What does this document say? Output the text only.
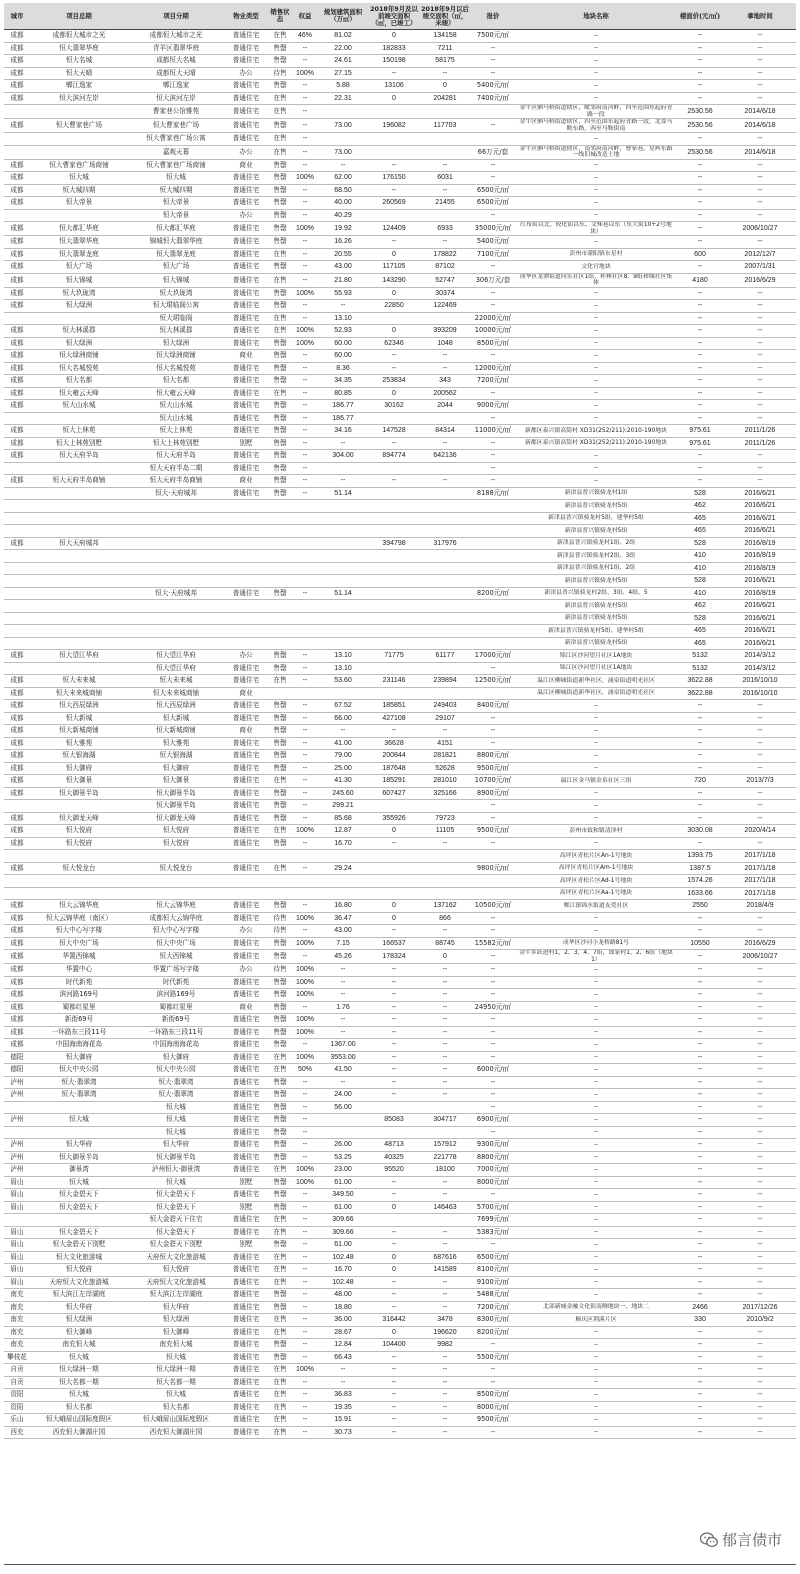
城市	项目总期	项目分期	物业类型	销售状态	权益	规划建筑面积（万㎡）	2018年9月及以前竣交面积（㎡，已竣工）	2018年9月以后竣交面积（㎡，未竣）	报价	地块名称	楼面价(元/㎡)	拿地时间
成都	成都恒大城市之光	成都恒大城市之光	普通住宅	在售	46%	81.02	0	134158	7500元/㎡	--	--	--
成都	恒大翡翠华庭	青羊区翡翠华庭	普通住宅	售罄	--	22.00	182833	7211	--	--	--	--
成都	恒大名城	成都恒大名城	普通住宅	售罄	--	24.61	150198	58175	--	--	--	--
成都	恒大天晴	成都恒大天晴	办公	待售	100%	27.15	--	--	--	--	--	--
成都	郫江逸家	郫江逸家	普通住宅	售罄	--	5.88	13106	0	5400元/㎡	--	--	--
成都	恒大滨河左岸	恒大滨河左岸	普通住宅	在售	--	22.31	0	204281	7400元/㎡	--	--	--
		曹家巷公馆雅苑	普通住宅	在售	--					金牛区驷马桥街道辖区，毗邻府南河畔，四至范围东起府青路一段	2530.56	2014/6/18
成都	恒大曹家巷广场	恒大曹家巷广场	普通住宅	售罄	--	73.00	196082	117703	--	金牛区驷马桥街道辖区，四至范围东起府青路一段，北靠马鞍东路，西至马鞍街南	2530.56	2014/6/18
		恒大曹家巷广场公寓	普通住宅	在售	--					--	--	--
		嘉观天幕	办公	在售	--	73.00			66万元/套	金牛区驷马桥街道辖区，南邻府南河畔，曹家巷、星辉东路一线旧城改造土地	2530.56	2014/6/18
成都	恒大曹家巷广场商铺	恒大曹家巷广场商铺	商业	售罄	--	--	--	--	--	--	--	--
成都	恒大城	恒大城	普通住宅	售罄	100%	62.00	176150	6031	--	--	--	--
成都	恒大城四期	恒大城四期	普通住宅	售罄	--	68.50	--	--	6500元/㎡	--	--	--
成都	恒大帝景	恒大帝景	普通住宅	售罄	--	40.00	260569	21455	6500元/㎡	--	--	--
		恒大帝景	办公	售罄	--	40.29			--	--	--	--
成都	恒大都汇华庭	恒大都汇华庭	普通住宅	售罄	100%	19.92	124409	6933	35000元/㎡	红布街以北、较化街以东、文殊巷以东（东大街10+2号地块）	--	2006/10/27
成都	恒大翡翠华庭	锦城恒大翡翠华庭	普通住宅	售罄	--	16.26	--	--	5400元/㎡	--	--	--
成都	恒大翡翠龙庭	恒大翡翠龙庭	普通住宅	在售	--	20.55	0	178822	7100元/㎡	彭州市濛阳镇东星村	600	2012/12/7
成都	恒大广场	恒大广场	普通住宅	售罄	--	43.00	117105	87102	--	文化宫地块	--	2007/1/31
成都	恒大锦城	恒大锦城	普通住宅	在售	--	21.80	143290	52747	306万元/套	成华区龙潭街道同乐社区1组，桂林社区8、9组和城社区集体	4180	2016/6/29
成都	恒大玖珑湾	恒大玖珑湾	普通住宅	售罄	100%	55.93	0	30374	--	--	--	--
成都	恒大绿洲	恒大珺临阁公寓	普通住宅	售罄	--	--	22850	122469	--	--	--	--
		恒大珺临阁	普通住宅	在售	--	13.10			22000元/㎡	--	--	--
成都	恒大林溪郡	恒大林溪郡	普通住宅	在售	100%	52.93	0	393209	10000元/㎡	--	--	--
成都	恒大绿洲	恒大绿洲	普通住宅	售罄	100%	60.00	62346	1048	8500元/㎡	--	--	--
成都	恒大绿洲商铺	恒大绿洲商铺	商业	售罄	--	60.00	--	--	--	--	--	--
成都	恒大名城悦苑	恒大名城悦苑	普通住宅	售罄	--	8.36	--	--	12000元/㎡	--	--	--
成都	恒大名都	恒大名都	普通住宅	售罄	--	34.35	253834	343	7200元/㎡	--	--	--
成都	恒大雍云天峰	恒大雍云天峰	普通住宅	在售	--	80.85	0	200562	--	--	--	--
成都	恒大山水城	恒大山水城	普通住宅	售罄	--	186.77	30162	2044	9000元/㎡	--	--	--
		恒大山水城	普通住宅	售罄	--	186.77			--	--	--	--
成都	恒大上林苑	恒大上林苑	普通住宅	售罄	--	34.16	147528	84314	11000元/㎡	新都区泰兴镇高筒村 XD31(252/211):2010-190地块	975.61	2011/1/26
成都	恒大上林苑别墅	恒大上林苑别墅	别墅	售罄	--	--	--	--	--	新都区泰兴镇高筒村 XD31(252/211):2010-190地块	975.61	2011/1/26
成都	恒大天府半岛	恒大天府半岛	普通住宅	售罄	--	304.00	894774	642136	--	--	--	--
		恒大天府半岛二期	普通住宅	售罄	--				--	--	--	--
成都	恒大天府半岛商铺	恒大天府半岛商铺	商业	售罄	--	--	--	--	--	--	--	--
		恒大·天府城邦	普通住宅	售罄	--	51.14			8188元/㎡	新津县普兴镇骑龙村1组	528	2016/6/21
										新津县普兴镇骑龙村5组	462	2016/6/21
										新津县普兴镇骑龙村5组、建华村5组	465	2016/6/21
										新津县普兴镇骑龙村5组	465	2016/6/21
成都	恒大天府城邦						394798	317976		新津县普兴镇骑龙村1组、2组	528	2016/8/19
										新津县普兴镇骑龙村2组、3组	410	2016/8/19
										新津县普兴镇骑龙村1组、2组	410	2016/8/19
										新津县普兴镇骑龙村5组	528	2016/6/21
		恒大·天府城邦	普通住宅	售罄	--	51.14			8200元/㎡	新津县普兴镇骑龙村2组、3组、4组、5	410	2016/8/19
										新津县普兴镇骑龙村5组	462	2016/6/21
										新津县普兴镇骑龙村5组	528	2016/6/21
										新津县普兴镇骑龙村5组、建华村5组	465	2016/6/21
										新津县普兴镇骑龙村5组	465	2016/6/21
成都	恒大望江华府	恒大望江华府	办公	售罄	--	13.10	71775	61177	17000元/㎡	锦江区沙河望月社区1A地块	5132	2014/3/12
		恒大望江华府	普通住宅	售罄	--	13.10			--	锦江区沙河望月社区1A地块	5132	2014/3/12
成都	恒大未来城	恒大未来城	普通住宅	在售	--	53.60	231146	239894	12500元/㎡	温江区柳城街道新华社区，涌泉街道明光社区	3622.88	2016/10/10
成都	恒大未来城商铺	恒大未来城商铺	商业							温江区柳城街道新华社区，涌泉街道明光社区	3622.88	2016/10/10
成都	恒大西辰绿洲	恒大西辰绿洲	普通住宅	售罄	--	67.52	185851	249403	8400元/㎡	--	--	--
成都	恒大新城	恒大新城	普通住宅	售罄	--	66.00	427108	29107	--	--	--	--
成都	恒大新城商铺	恒大新城商铺	商业	售罄	--	--	--	--	--	--	--	--
成都	恒大雅苑	恒大雅苑	普通住宅	售罄	--	41.00	36628	4151	--	--	--	--
成都	恒大银海湖	恒大银海湖	普通住宅	售罄	--	79.00	200844	281821	8800元/㎡	--	--	--
成都	恒大御府	恒大御府	普通住宅	售罄	--	25.00	187648	52628	9500元/㎡	--	--	--
成都	恒大御景	恒大御景	普通住宅	在售	--	41.30	185291	281010	10700元/㎡	温江区金马镇金泉社区三组	720	2013/7/3
成都	恒大御景半岛	恒大御景半岛	普通住宅	售罄	--	245.60	607427	325166	8900元/㎡	--	--	--
		恒大御景半岛	普通住宅	售罄	--	299.21			--	--	--	--
成都	恒大御龙天峰	恒大御龙天峰	普通住宅	售罄	--	85.68	355926	79723	--	--	--	--
成都	恒大悦府	恒大悦府	普通住宅	在售	100%	12.87	0	11105	9500元/㎡	彭州市致和镇清泽村	3030.08	2020/4/14
成都	恒大悦府	恒大悦府	普通住宅	售罄	--	16.70	--	--	--	--	--	--
										高坪区青松片区An-1号地块	1393.75	2017/1/18
成都	恒大悦龙台	恒大悦龙台	普通住宅	在售	--	29.24			9800元/㎡	高坪区青松片区Am-1号地块	1387.5	2017/1/18
										高坪区青松片区Ad-1号地块	1574.26	2017/1/18
										高坪区青松片区Aa-1号地块	1633.66	2017/1/18
成都	恒大云锦华庭	恒大云锦华庭	普通住宅	售罄	--	16.80	0	137162	10500元/㎡	郫江镇锦水街道友爱社区	2550	2018/4/9
成都	恒大云锦华庭（南区）	成都恒大云锦华庭	普通住宅	待售	100%	36.47	0	866	--	--	--	--
成都	恒大中心写字楼	恒大中心写字楼	办公	待售	--	43.00	--	--	--	--	--	--
成都	恒大中央广场	恒大中央广场	普通住宅	售罄	100%	7.15	166537	88745	15582元/㎡	成华区沙河小龙桥路81号	10550	2016/6/29
成都	华置西锦城	恒大西锦城	普通住宅	售罄	--	45.26	178324	0	--	金牛乡跃进村1、2、3、4、7组，郎家村1、2、6组（地块1）	--	2006/10/27
成都	华置中心	华置广场写字楼	办公	待售	100%	--	--	--	--	--	--	--
成都	时代新苑	时代新苑	普通住宅	售罄	100%	--	--	--	--	--	--	--
成都	滨河路169号	滨河路169号	普通住宅	售罄	100%	--	--	--	--	--	--	--
成都	蜀都红星里	蜀都红星里	商业	售罄	--	1.76	--	--	24950元/㎡	--	--	--
成都	新街69号	新街69号	普通住宅	售罄	100%	--	--	--	--	--	--	--
成都	一环路东三段11号	一环路东三段11号	普通住宅	售罄	100%	--	--	--	--	--	--	--
成都	中国海南海花岛	中国海南海花岛	普通住宅	售罄	--	1367.00	--	--	--	--	--	--
德阳	恒大御府	恒大御府	普通住宅	在售	100%	3553.00	--	--	--	--	--	--
德阳	恒大中央公园	恒大中央公园	普通住宅	在售	50%	41.50	--	--	6000元/㎡	--	--	--
泸州	恒大·翡翠湾	恒大·翡翠湾	普通住宅	售罄	--	--	--	--	--	--	--	--
泸州	恒大·翡翠湾	恒大·翡翠湾	普通住宅	售罄	--	24.00	--	--	--	--	--	--
		恒大城	普通住宅	售罄	--	56.00			--	--	--	--
泸州	恒大城	恒大城	普通住宅	售罄	--		85083	304717	6900元/㎡	--	--	--
		恒大城	普通住宅	售罄	--				--	--	--	--
泸州	恒大华府	恒大华府	普通住宅	售罄	--	26.00	48713	157912	9300元/㎡	--	--	--
泸州	恒大御景半岛	恒大御景半岛	普通住宅	售罄	--	53.25	40325	221778	8800元/㎡	--	--	--
泸州	御景湾	泸州恒大·御景湾	普通住宅	在售	100%	23.00	95520	18100	7000元/㎡	--	--	--
眉山	恒大城	恒大城	别墅	售罄	100%	61.00	--	--	8000元/㎡	--	--	--
眉山	恒大金碧天下	恒大金碧天下	普通住宅	售罄	--	349.50	--	--	--	--	--	--
眉山	恒大金碧天下	恒大金碧天下	别墅	售罄	--	61.00	0	146463	5700元/㎡	--	--	--
		恒大金碧天下住宅	普通住宅	在售	--	309.66			7699元/㎡	--	--	--
眉山	恒大金碧天下	恒大金碧天下	普通住宅	在售	--	309.66	--	--	5383元/㎡	--	--	--
眉山	恒大金碧天下别墅	恒大金碧天下别墅	别墅	售罄	--	61.00	--	--	--	--	--	--
眉山	恒大文化旅游城	天府恒大文化旅游城	普通住宅	在售	--	102.48	0	687616	6500元/㎡	--	--	--
眉山	恒大悦府	恒大悦府	普通住宅	在售	--	16.70	0	141589	8100元/㎡	--	--	--
眉山	天府恒大文化旅游城	天府恒大文化旅游城	普通住宅	在售	--	102.48	--	--	9100元/㎡	--	--	--
南充	恒大滨江左岸湖庭	恒大滨江左岸湖庭	普通住宅	售罄	--	48.00	--	--	5488元/㎡	--	--	--
南充	恒大华府	恒大华府	普通住宅	售罄	--	18.80	--	--	7200元/㎡	北部新城金融文化街南侧地块一、地块二	2466	2017/12/26
南充	恒大绿洲	恒大绿洲	普通住宅	在售	--	36.00	316442	3478	8300元/㎡	顺庆区荆溪片区	330	2010/9/2
南充	恒大御峰	恒大御峰	普通住宅	在售	--	28.67	0	196620	8200元/㎡	--	--	--
南充	南充恒大城	南充恒大城	普通住宅	售罄	--	12.84	104400	9982	--	--	--	--
攀枝花	恒大城	恒大城	普通住宅	售罄	--	66.43	--	--	5500元/㎡	--	--	--
自贡	恒大绿洲一期	恒大绿洲一期	普通住宅	在售	100%	--	--	--	--	--	--	--
自贡	恒大名都一期	恒大名都一期	普通住宅	在售	--	--	--	--	--	--	--	--
资阳	恒大城	恒大城	普通住宅	在售	--	36.83	--	--	8500元/㎡	--	--	--
资阳	恒大名都	恒大名都	普通住宅	在售	--	19.35	--	--	8000元/㎡	--	--	--
乐山	恒大峨眉山国际度假区	恒大峨眉山国际度假区	普通住宅	在售	--	15.91	--	--	9500元/㎡	--	--	--
西充	西充恒大御湖庄园	西充恒大御湖庄园	普通住宅	在售	--	30.73	--	--	--	--	--	--
郁言债市
